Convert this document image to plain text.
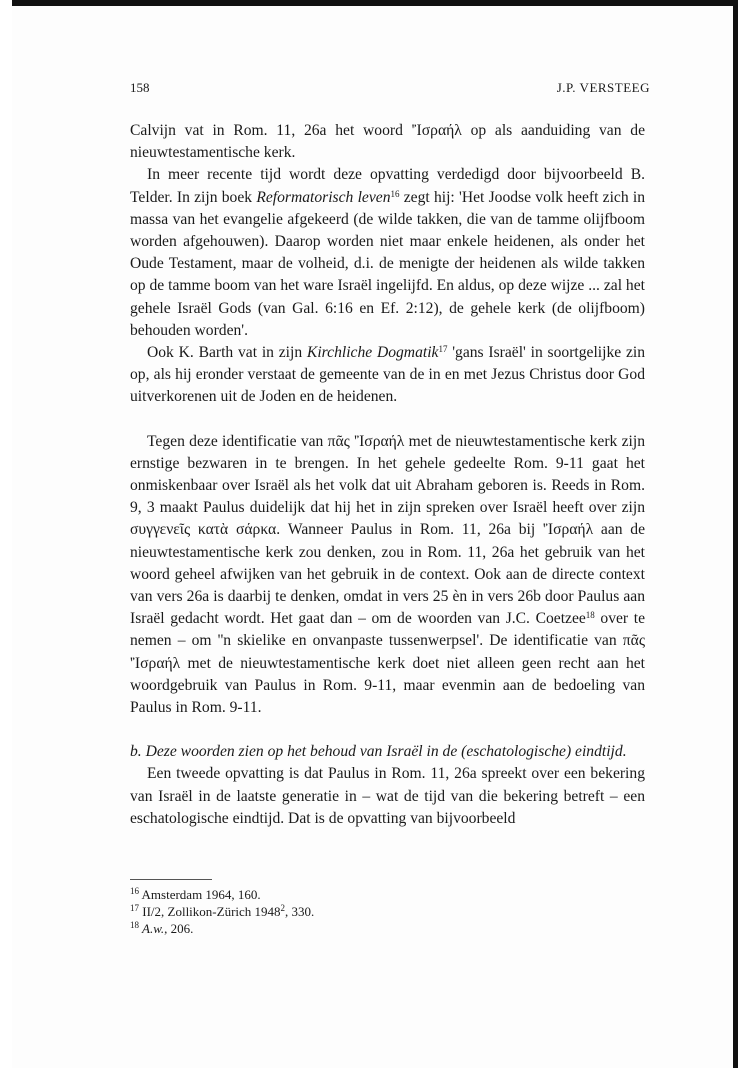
158	J.P. VERSTEEG

Calvijn vat in Rom. 11, 26a het woord 'Ἰσραήλ op als aanduiding van de nieuwtestamentische kerk.

In meer recente tijd wordt deze opvatting verdedigd door bijvoorbeeld B. Telder. In zijn boek Reformatorisch leven$^{16}$ zegt hij: 'Het Joodse volk heeft zich in massa van het evangelie afgekeerd (de wilde takken, die van de tamme olijfboom worden afgehouwen). Daarop worden niet maar enkele heidenen, als onder het Oude Testament, maar de volheid, d.i. de menigte der heidenen als wilde takken op de tamme boom van het ware Israël ingelijfd. En aldus, op deze wijze ... zal het gehele Israël Gods (van Gal. 6:16 en Ef. 2:12), de gehele kerk (de olijfboom) behouden worden'.

Ook K. Barth vat in zijn Kirchliche Dogmatik$^{17}$ 'gans Israël' in soortgelijke zin op, als hij eronder verstaat de gemeente van de in en met Jezus Christus door God uitverkorenen uit de Joden en de heidenen.

Tegen deze identificatie van πᾶς 'Ἰσραήλ met de nieuwtestamentische kerk zijn ernstige bezwaren in te brengen. In het gehele gedeelte Rom. 9-11 gaat het onmiskenbaar over Israël als het volk dat uit Abraham geboren is. Reeds in Rom. 9, 3 maakt Paulus duidelijk dat hij het in zijn spreken over Israël heeft over zijn συγγενεῖς κατὰ σάρκα. Wanneer Paulus in Rom. 11, 26a bij 'Ἰσραήλ aan de nieuwtestamentische kerk zou denken, zou in Rom. 11, 26a het gebruik van het woord geheel afwijken van het gebruik in de context. Ook aan de directe context van vers 26a is daarbij te denken, omdat in vers 25 èn in vers 26b door Paulus aan Israël gedacht wordt. Het gaat dan – om de woorden van J.C. Coetzee$^{18}$ over te nemen – om ''n skielike en onvanpaste tussenwerpsel'. De identificatie van πᾶς 'Ἰσραήλ met de nieuwtestamentische kerk doet niet alleen geen recht aan het woordgebruik van Paulus in Rom. 9-11, maar evenmin aan de bedoeling van Paulus in Rom. 9-11.

b. Deze woorden zien op het behoud van Israël in de (eschatologische) eindtijd.

Een tweede opvatting is dat Paulus in Rom. 11, 26a spreekt over een bekering van Israël in de laatste generatie in – wat de tijd van die bekering betreft – een eschatologische eindtijd. Dat is de opvatting van bijvoorbeeld

$^{16}$ Amsterdam 1964, 160.

$^{17}$ II/2, Zollikon-Zürich 1948$^2$, 330.

$^{18}$ A.w., 206.
